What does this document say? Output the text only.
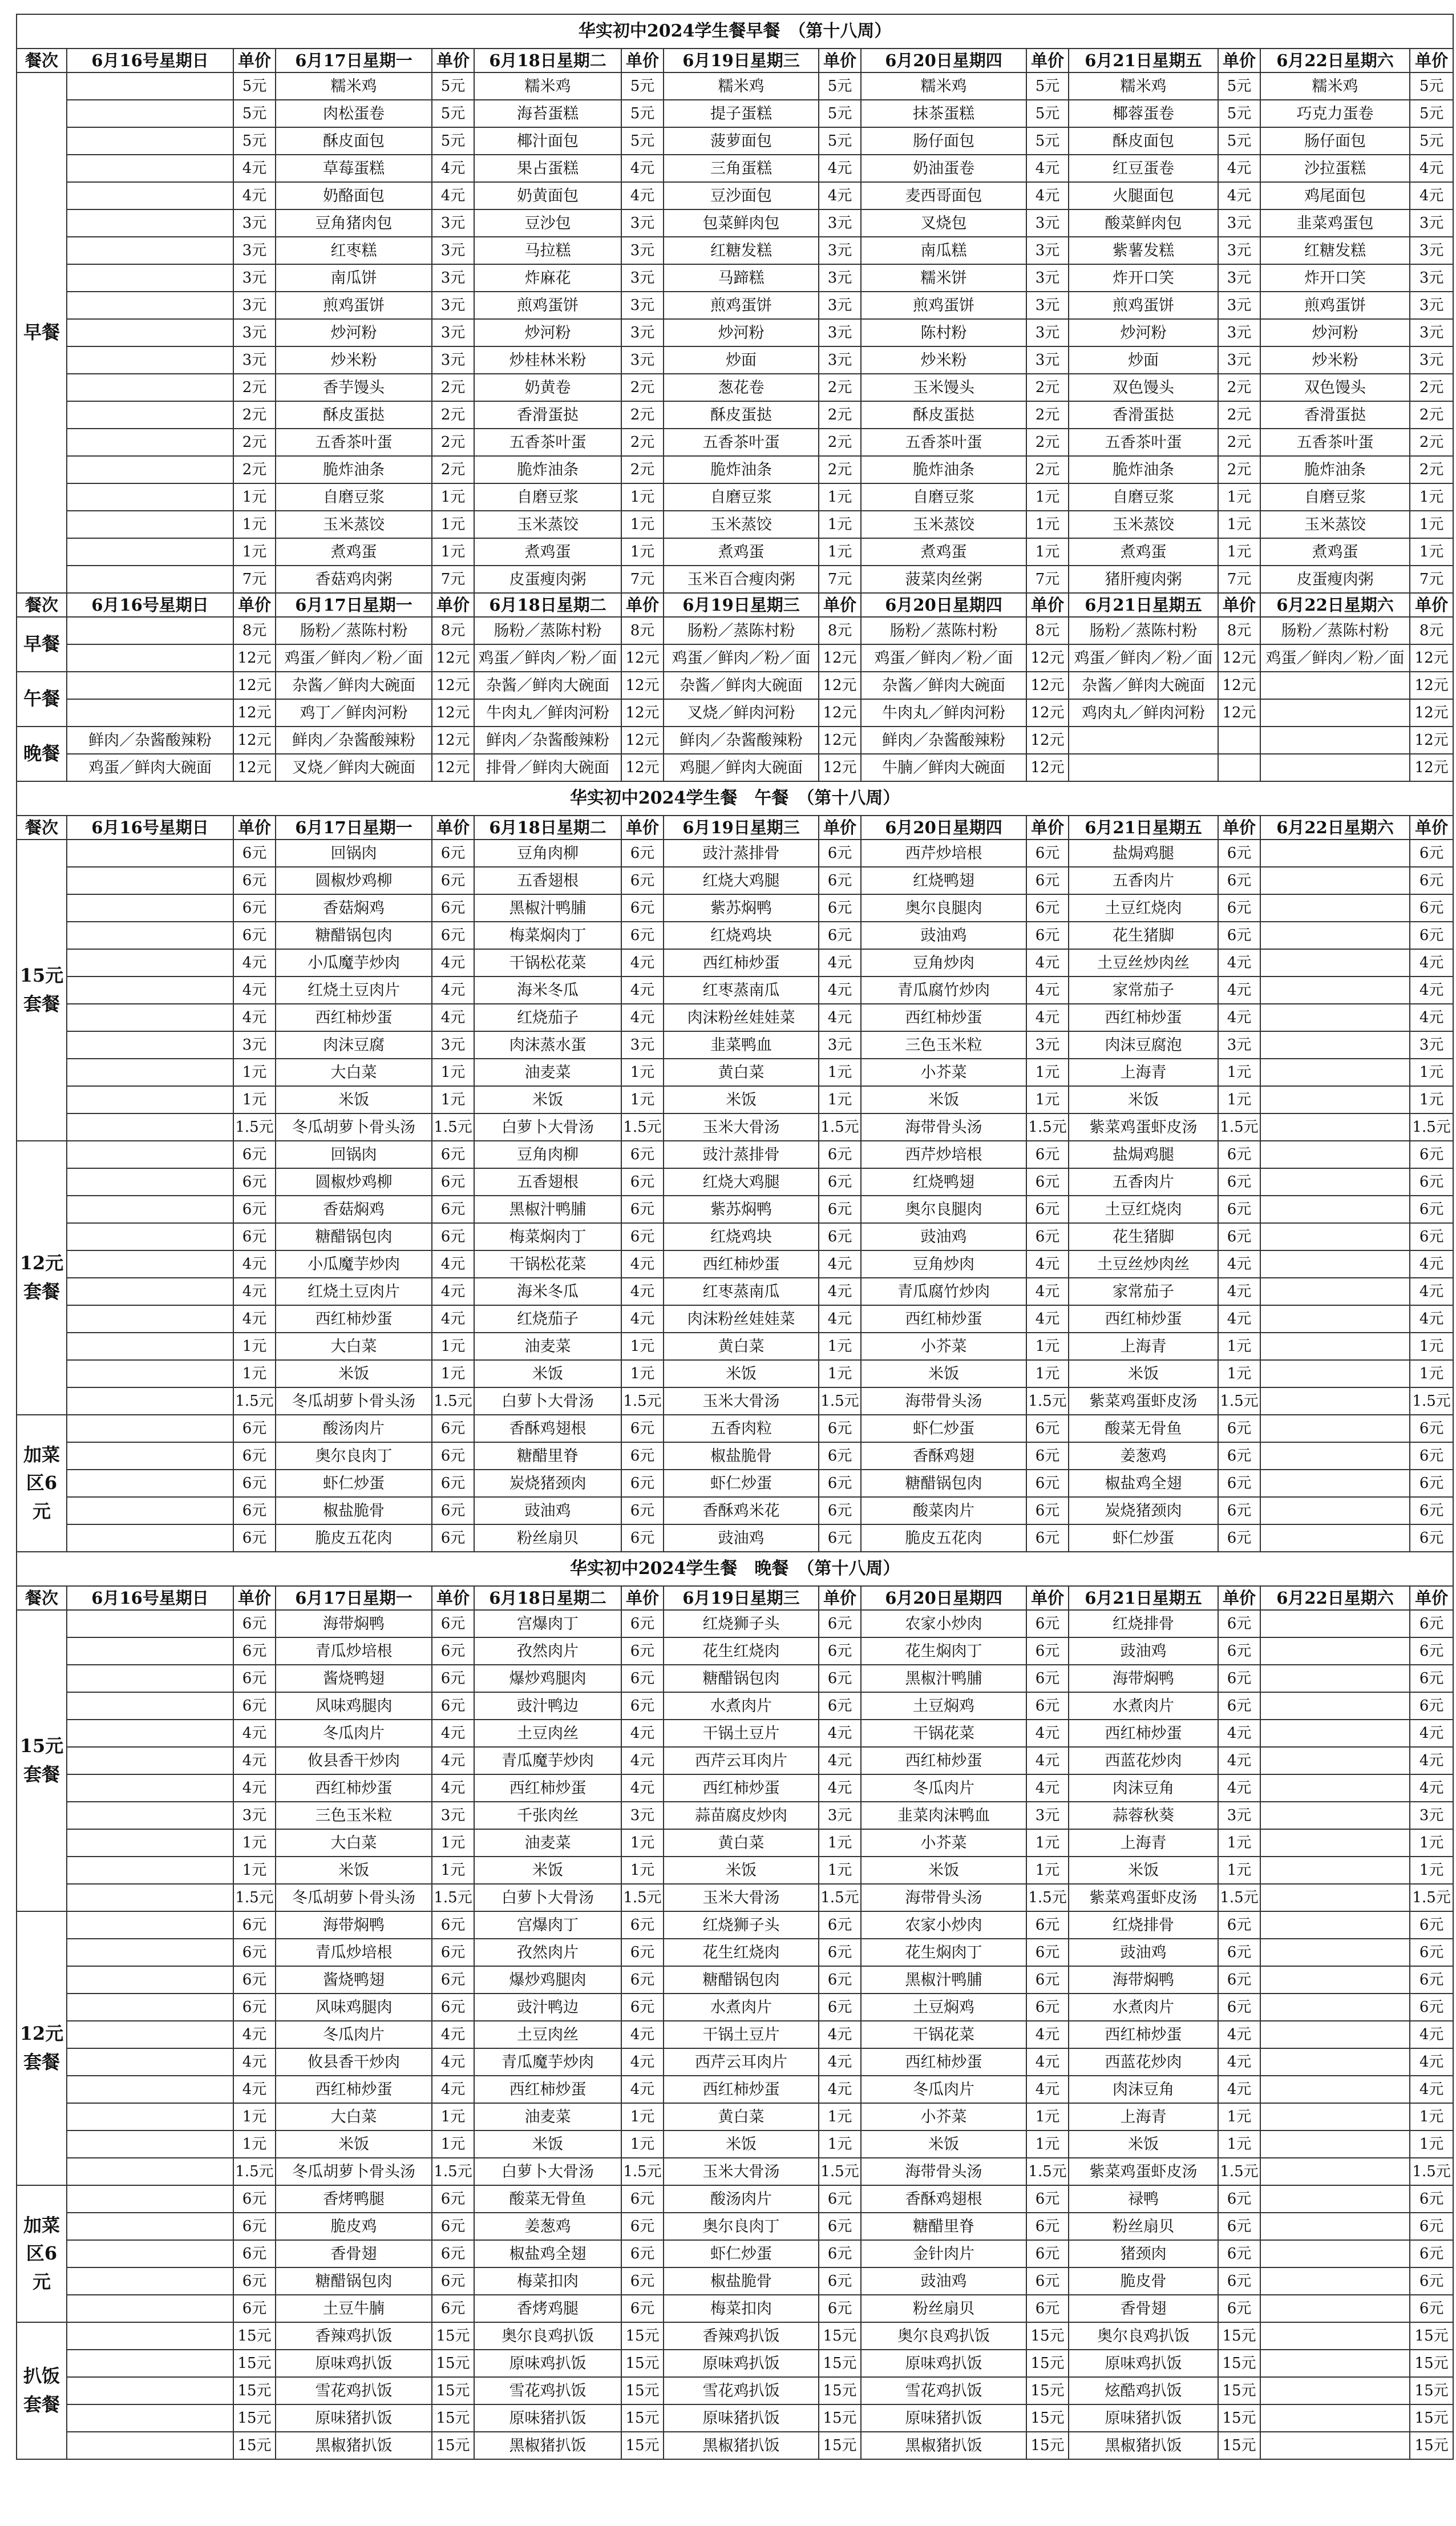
华实初中2024学生餐早餐　（第十八周）														
餐次	6月16号星期日	单价	6月17日星期一	单价	6月18日星期二	单价	6月19日星期三	单价	6月20日星期四	单价	6月21日星期五	单价	6月22日星期六	单价
早餐		5元	糯米鸡	5元	糯米鸡	5元	糯米鸡	5元	糯米鸡	5元	糯米鸡	5元	糯米鸡	5元
		5元	肉松蛋卷	5元	海苔蛋糕	5元	提子蛋糕	5元	抹茶蛋糕	5元	椰蓉蛋卷	5元	巧克力蛋卷	5元
		5元	酥皮面包	5元	椰汁面包	5元	菠萝面包	5元	肠仔面包	5元	酥皮面包	5元	肠仔面包	5元
		4元	草莓蛋糕	4元	果占蛋糕	4元	三角蛋糕	4元	奶油蛋卷	4元	红豆蛋卷	4元	沙拉蛋糕	4元
		4元	奶酪面包	4元	奶黄面包	4元	豆沙面包	4元	麦西哥面包	4元	火腿面包	4元	鸡尾面包	4元
		3元	豆角猪肉包	3元	豆沙包	3元	包菜鲜肉包	3元	叉烧包	3元	酸菜鲜肉包	3元	韭菜鸡蛋包	3元
		3元	红枣糕	3元	马拉糕	3元	红糖发糕	3元	南瓜糕	3元	紫薯发糕	3元	红糖发糕	3元
		3元	南瓜饼	3元	炸麻花	3元	马蹄糕	3元	糯米饼	3元	炸开口笑	3元	炸开口笑	3元
		3元	煎鸡蛋饼	3元	煎鸡蛋饼	3元	煎鸡蛋饼	3元	煎鸡蛋饼	3元	煎鸡蛋饼	3元	煎鸡蛋饼	3元
		3元	炒河粉	3元	炒河粉	3元	炒河粉	3元	陈村粉	3元	炒河粉	3元	炒河粉	3元
		3元	炒米粉	3元	炒桂林米粉	3元	炒面	3元	炒米粉	3元	炒面	3元	炒米粉	3元
		2元	香芋馒头	2元	奶黄卷	2元	葱花卷	2元	玉米馒头	2元	双色馒头	2元	双色馒头	2元
		2元	酥皮蛋挞	2元	香滑蛋挞	2元	酥皮蛋挞	2元	酥皮蛋挞	2元	香滑蛋挞	2元	香滑蛋挞	2元
		2元	五香茶叶蛋	2元	五香茶叶蛋	2元	五香茶叶蛋	2元	五香茶叶蛋	2元	五香茶叶蛋	2元	五香茶叶蛋	2元
		2元	脆炸油条	2元	脆炸油条	2元	脆炸油条	2元	脆炸油条	2元	脆炸油条	2元	脆炸油条	2元
		1元	自磨豆浆	1元	自磨豆浆	1元	自磨豆浆	1元	自磨豆浆	1元	自磨豆浆	1元	自磨豆浆	1元
		1元	玉米蒸饺	1元	玉米蒸饺	1元	玉米蒸饺	1元	玉米蒸饺	1元	玉米蒸饺	1元	玉米蒸饺	1元
		1元	煮鸡蛋	1元	煮鸡蛋	1元	煮鸡蛋	1元	煮鸡蛋	1元	煮鸡蛋	1元	煮鸡蛋	1元
		7元	香菇鸡肉粥	7元	皮蛋瘦肉粥	7元	玉米百合瘦肉粥	7元	菠菜肉丝粥	7元	猪肝瘦肉粥	7元	皮蛋瘦肉粥	7元
餐次	6月16号星期日	单价	6月17日星期一	单价	6月18日星期二	单价	6月19日星期三	单价	6月20日星期四	单价	6月21日星期五	单价	6月22日星期六	单价
早餐		8元	肠粉／蒸陈村粉	8元	肠粉／蒸陈村粉	8元	肠粉／蒸陈村粉	8元	肠粉／蒸陈村粉	8元	肠粉／蒸陈村粉	8元	肠粉／蒸陈村粉	8元
		12元	鸡蛋／鲜肉／粉／面	12元	鸡蛋／鲜肉／粉／面	12元	鸡蛋／鲜肉／粉／面	12元	鸡蛋／鲜肉／粉／面	12元	鸡蛋／鲜肉／粉／面	12元	鸡蛋／鲜肉／粉／面	12元
午餐		12元	杂酱／鲜肉大碗面	12元	杂酱／鲜肉大碗面	12元	杂酱／鲜肉大碗面	12元	杂酱／鲜肉大碗面	12元	杂酱／鲜肉大碗面	12元		12元
		12元	鸡丁／鲜肉河粉	12元	牛肉丸／鲜肉河粉	12元	叉烧／鲜肉河粉	12元	牛肉丸／鲜肉河粉	12元	鸡肉丸／鲜肉河粉	12元		12元
晚餐	鲜肉／杂酱酸辣粉	12元	鲜肉／杂酱酸辣粉	12元	鲜肉／杂酱酸辣粉	12元	鲜肉／杂酱酸辣粉	12元	鲜肉／杂酱酸辣粉	12元				12元
	鸡蛋／鲜肉大碗面	12元	叉烧／鲜肉大碗面	12元	排骨／鲜肉大碗面	12元	鸡腿／鲜肉大碗面	12元	牛腩／鲜肉大碗面	12元				12元
华实初中2024学生餐　午餐　（第十八周）														
餐次	6月16号星期日	单价	6月17日星期一	单价	6月18日星期二	单价	6月19日星期三	单价	6月20日星期四	单价	6月21日星期五	单价	6月22日星期六	单价
15元套餐		6元	回锅肉	6元	豆角肉柳	6元	豉汁蒸排骨	6元	西芹炒培根	6元	盐焗鸡腿	6元		6元
		6元	圆椒炒鸡柳	6元	五香翅根	6元	红烧大鸡腿	6元	红烧鸭翅	6元	五香肉片	6元		6元
		6元	香菇焖鸡	6元	黑椒汁鸭脯	6元	紫苏焖鸭	6元	奥尔良腿肉	6元	土豆红烧肉	6元		6元
		6元	糖醋锅包肉	6元	梅菜焖肉丁	6元	红烧鸡块	6元	豉油鸡	6元	花生猪脚	6元		6元
		4元	小瓜魔芋炒肉	4元	干锅松花菜	4元	西红柿炒蛋	4元	豆角炒肉	4元	土豆丝炒肉丝	4元		4元
		4元	红烧土豆肉片	4元	海米冬瓜	4元	红枣蒸南瓜	4元	青瓜腐竹炒肉	4元	家常茄子	4元		4元
		4元	西红柿炒蛋	4元	红烧茄子	4元	肉沫粉丝娃娃菜	4元	西红柿炒蛋	4元	西红柿炒蛋	4元		4元
		3元	肉沫豆腐	3元	肉沫蒸水蛋	3元	韭菜鸭血	3元	三色玉米粒	3元	肉沫豆腐泡	3元		3元
		1元	大白菜	1元	油麦菜	1元	黄白菜	1元	小芥菜	1元	上海青	1元		1元
		1元	米饭	1元	米饭	1元	米饭	1元	米饭	1元	米饭	1元		1元
		1.5元	冬瓜胡萝卜骨头汤	1.5元	白萝卜大骨汤	1.5元	玉米大骨汤	1.5元	海带骨头汤	1.5元	紫菜鸡蛋虾皮汤	1.5元		1.5元
12元套餐		6元	回锅肉	6元	豆角肉柳	6元	豉汁蒸排骨	6元	西芹炒培根	6元	盐焗鸡腿	6元		6元
		6元	圆椒炒鸡柳	6元	五香翅根	6元	红烧大鸡腿	6元	红烧鸭翅	6元	五香肉片	6元		6元
		6元	香菇焖鸡	6元	黑椒汁鸭脯	6元	紫苏焖鸭	6元	奥尔良腿肉	6元	土豆红烧肉	6元		6元
		6元	糖醋锅包肉	6元	梅菜焖肉丁	6元	红烧鸡块	6元	豉油鸡	6元	花生猪脚	6元		6元
		4元	小瓜魔芋炒肉	4元	干锅松花菜	4元	西红柿炒蛋	4元	豆角炒肉	4元	土豆丝炒肉丝	4元		4元
		4元	红烧土豆肉片	4元	海米冬瓜	4元	红枣蒸南瓜	4元	青瓜腐竹炒肉	4元	家常茄子	4元		4元
		4元	西红柿炒蛋	4元	红烧茄子	4元	肉沫粉丝娃娃菜	4元	西红柿炒蛋	4元	西红柿炒蛋	4元		4元
		1元	大白菜	1元	油麦菜	1元	黄白菜	1元	小芥菜	1元	上海青	1元		1元
		1元	米饭	1元	米饭	1元	米饭	1元	米饭	1元	米饭	1元		1元
		1.5元	冬瓜胡萝卜骨头汤	1.5元	白萝卜大骨汤	1.5元	玉米大骨汤	1.5元	海带骨头汤	1.5元	紫菜鸡蛋虾皮汤	1.5元		1.5元
加菜区6元		6元	酸汤肉片	6元	香酥鸡翅根	6元	五香肉粒	6元	虾仁炒蛋	6元	酸菜无骨鱼	6元		6元
		6元	奥尔良肉丁	6元	糖醋里脊	6元	椒盐脆骨	6元	香酥鸡翅	6元	姜葱鸡	6元		6元
		6元	虾仁炒蛋	6元	炭烧猪颈肉	6元	虾仁炒蛋	6元	糖醋锅包肉	6元	椒盐鸡全翅	6元		6元
		6元	椒盐脆骨	6元	豉油鸡	6元	香酥鸡米花	6元	酸菜肉片	6元	炭烧猪颈肉	6元		6元
		6元	脆皮五花肉	6元	粉丝扇贝	6元	豉油鸡	6元	脆皮五花肉	6元	虾仁炒蛋	6元		6元
华实初中2024学生餐　晚餐　（第十八周）														
餐次	6月16号星期日	单价	6月17日星期一	单价	6月18日星期二	单价	6月19日星期三	单价	6月20日星期四	单价	6月21日星期五	单价	6月22日星期六	单价
15元套餐		6元	海带焖鸭	6元	宫爆肉丁	6元	红烧狮子头	6元	农家小炒肉	6元	红烧排骨	6元		6元
		6元	青瓜炒培根	6元	孜然肉片	6元	花生红烧肉	6元	花生焖肉丁	6元	豉油鸡	6元		6元
		6元	酱烧鸭翅	6元	爆炒鸡腿肉	6元	糖醋锅包肉	6元	黑椒汁鸭脯	6元	海带焖鸭	6元		6元
		6元	风味鸡腿肉	6元	豉汁鸭边	6元	水煮肉片	6元	土豆焖鸡	6元	水煮肉片	6元		6元
		4元	冬瓜肉片	4元	土豆肉丝	4元	干锅土豆片	4元	干锅花菜	4元	西红柿炒蛋	4元		4元
		4元	攸县香干炒肉	4元	青瓜魔芋炒肉	4元	西芹云耳肉片	4元	西红柿炒蛋	4元	西蓝花炒肉	4元		4元
		4元	西红柿炒蛋	4元	西红柿炒蛋	4元	西红柿炒蛋	4元	冬瓜肉片	4元	肉沫豆角	4元		4元
		3元	三色玉米粒	3元	千张肉丝	3元	蒜苗腐皮炒肉	3元	韭菜肉沫鸭血	3元	蒜蓉秋葵	3元		3元
		1元	大白菜	1元	油麦菜	1元	黄白菜	1元	小芥菜	1元	上海青	1元		1元
		1元	米饭	1元	米饭	1元	米饭	1元	米饭	1元	米饭	1元		1元
		1.5元	冬瓜胡萝卜骨头汤	1.5元	白萝卜大骨汤	1.5元	玉米大骨汤	1.5元	海带骨头汤	1.5元	紫菜鸡蛋虾皮汤	1.5元		1.5元
12元套餐		6元	海带焖鸭	6元	宫爆肉丁	6元	红烧狮子头	6元	农家小炒肉	6元	红烧排骨	6元		6元
		6元	青瓜炒培根	6元	孜然肉片	6元	花生红烧肉	6元	花生焖肉丁	6元	豉油鸡	6元		6元
		6元	酱烧鸭翅	6元	爆炒鸡腿肉	6元	糖醋锅包肉	6元	黑椒汁鸭脯	6元	海带焖鸭	6元		6元
		6元	风味鸡腿肉	6元	豉汁鸭边	6元	水煮肉片	6元	土豆焖鸡	6元	水煮肉片	6元		6元
		4元	冬瓜肉片	4元	土豆肉丝	4元	干锅土豆片	4元	干锅花菜	4元	西红柿炒蛋	4元		4元
		4元	攸县香干炒肉	4元	青瓜魔芋炒肉	4元	西芹云耳肉片	4元	西红柿炒蛋	4元	西蓝花炒肉	4元		4元
		4元	西红柿炒蛋	4元	西红柿炒蛋	4元	西红柿炒蛋	4元	冬瓜肉片	4元	肉沫豆角	4元		4元
		1元	大白菜	1元	油麦菜	1元	黄白菜	1元	小芥菜	1元	上海青	1元		1元
		1元	米饭	1元	米饭	1元	米饭	1元	米饭	1元	米饭	1元		1元
		1.5元	冬瓜胡萝卜骨头汤	1.5元	白萝卜大骨汤	1.5元	玉米大骨汤	1.5元	海带骨头汤	1.5元	紫菜鸡蛋虾皮汤	1.5元		1.5元
加菜区6元		6元	香烤鸭腿	6元	酸菜无骨鱼	6元	酸汤肉片	6元	香酥鸡翅根	6元	禄鸭	6元		6元
		6元	脆皮鸡	6元	姜葱鸡	6元	奥尔良肉丁	6元	糖醋里脊	6元	粉丝扇贝	6元		6元
		6元	香骨翅	6元	椒盐鸡全翅	6元	虾仁炒蛋	6元	金针肉片	6元	猪颈肉	6元		6元
		6元	糖醋锅包肉	6元	梅菜扣肉	6元	椒盐脆骨	6元	豉油鸡	6元	脆皮骨	6元		6元
		6元	土豆牛腩	6元	香烤鸡腿	6元	梅菜扣肉	6元	粉丝扇贝	6元	香骨翅	6元		6元
扒饭套餐		15元	香辣鸡扒饭	15元	奥尔良鸡扒饭	15元	香辣鸡扒饭	15元	奥尔良鸡扒饭	15元	奥尔良鸡扒饭	15元		15元
		15元	原味鸡扒饭	15元	原味鸡扒饭	15元	原味鸡扒饭	15元	原味鸡扒饭	15元	原味鸡扒饭	15元		15元
		15元	雪花鸡扒饭	15元	雪花鸡扒饭	15元	雪花鸡扒饭	15元	雪花鸡扒饭	15元	炫酷鸡扒饭	15元		15元
		15元	原味猪扒饭	15元	原味猪扒饭	15元	原味猪扒饭	15元	原味猪扒饭	15元	原味猪扒饭	15元		15元
		15元	黑椒猪扒饭	15元	黑椒猪扒饭	15元	黑椒猪扒饭	15元	黑椒猪扒饭	15元	黑椒猪扒饭	15元		15元
